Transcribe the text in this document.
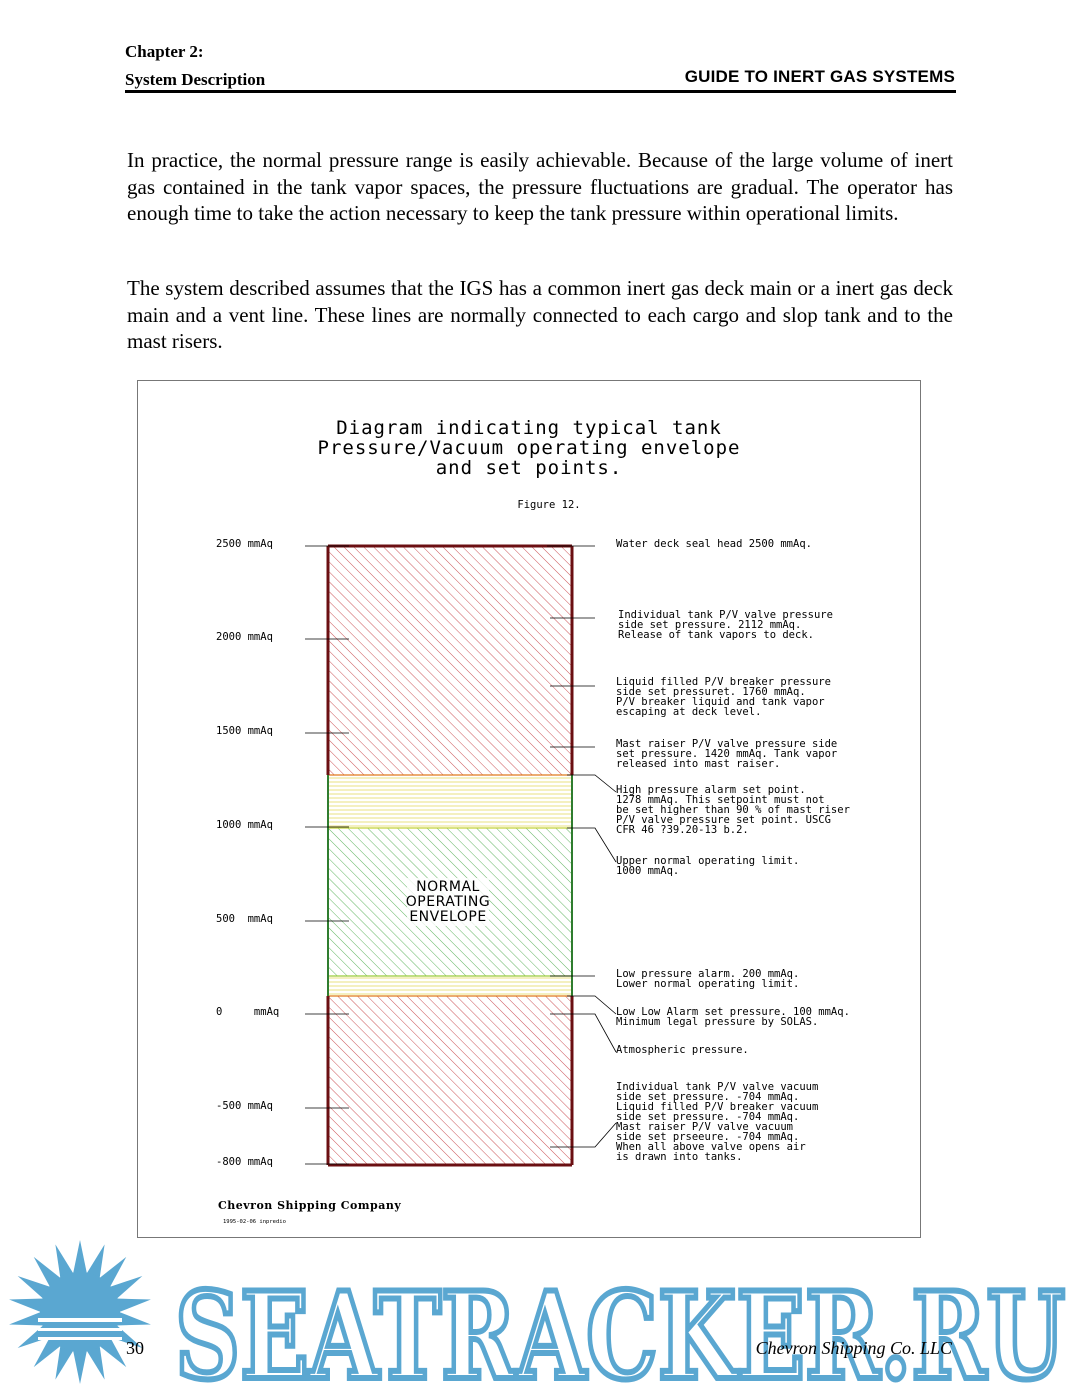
Chapter 2:
System Description	GUIDE TO INERT GAS SYSTEMS

In practice, the normal pressure range is easily achievable. Because of the large volume of inert gas contained in the tank vapor spaces, the pressure fluctuations are gradual. The operator has enough time to take the action necessary to keep the tank pressure within operational limits.

The system described assumes that the IGS has a common inert gas deck main or a inert gas deck main and a vent line. These lines are normally connected to each cargo and slop tank and to the mast risers.

Diagram indicating typical tank
Pressure/Vacuum operating envelope
and set points.
Figure 12.
NORMAL
OPERATING
ENVELOPE
2500 mmAq
2000 mmAq
1500 mmAq
1000 mmAq
500  mmAq
0     mmAq
-500 mmAq
-800 mmAq
Water deck seal head 2500 mmAq.
Individual tank P/V valve pressure
side set pressure. 2112 mmAq.
Release of tank vapors to deck.
Liquid filled P/V breaker pressure
side set pressuret. 1760 mmAq.
P/V breaker liquid and tank vapor
escaping at deck level.
Mast raiser P/V valve pressure side
set pressure. 1420 mmAq. Tank vapor
released into mast raiser.
High pressure alarm set point.
1278 mmAq. This setpoint must not
be set higher than 90 % of mast riser
P/V valve pressure set point. USCG
CFR 46 ?39.20-13 b.2.
Upper normal operating limit.
1000 mmAq.
Low pressure alarm. 200 mmAq.
Lower normal operating limit.
Low Low Alarm set pressure. 100 mmAq.
Minimum legal pressure by SOLAS.
Atmospheric pressure.
Individual tank P/V valve vacuum
side set pressure. -704 mmAq.
Liquid filled P/V breaker vacuum
side set pressure. -704 mmAq.
Mast raiser P/V valve vacuum
side set prseeure. -704 mmAq.
When all above valve opens air
is drawn into tanks.
Chevron Shipping Company
1995-02-06 inpredio
SEATRACKER.RU
30	Chevron Shipping Co. LLC
